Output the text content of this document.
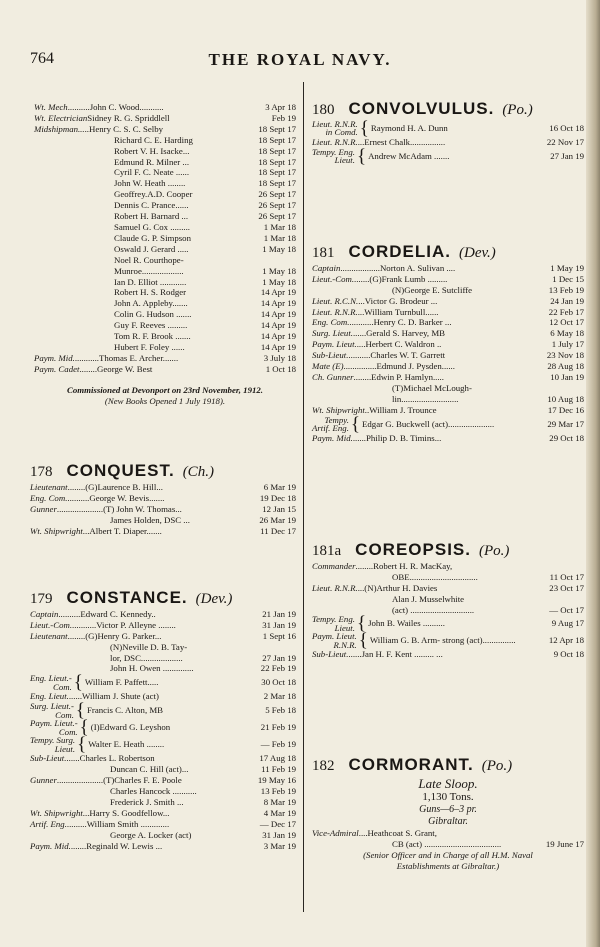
764	THE ROYAL NAVY.
Wt. Mech ..........John C. Wood...........	3 Apr 18
Wt. Electrician Sidney R. G. Spriddlell	Feb 19
Midshipman... ..Henry C. S. C. Selby	18 Sept 17
Richard C. E. Harding	18 Sept 17
Robert V. H. Isacke...	18 Sept 17
Edmund R. Milner ...	18 Sept 17
Cyril F. C. Neate ......	18 Sept 17
John W. Heath ........	18 Sept 17
Geoffrey.A.D. Cooper	26 Sept 17
Dennis C. Prance......	26 Sept 17
Robert H. Barnard ...	26 Sept 17
Samuel G. Cox .........	1 Mar 18
Claude G. P. Simpson	1 Mar 18
Oswald J. Gerard .....	1 May 18
Noel R. Courthope-
Munroe...................	1 May 18
Ian D. Elliot ............	1 May 18
Robert H. S. Rodger	14 Apr 19
John A. Appleby.......	14 Apr 19
Colin G. Hudson .......	14 Apr 19
Guy F. Reeves .........	14 Apr 19
Tom R. F. Brook .......	14 Apr 19
Hubert F. Foley ......	14 Apr 19
Paym. Mid. ...........Thomas E. Archer.......	3 July 18
Paym. Cadet ........George W. Best	1 Oct 18
Commissioned at Devonport on 23rd November, 1912.
(New Books Opened 1 July 1918).
178 CONQUEST. (Ch.)
Lieutenant ........(G)Laurence B. Hill...	6 Mar 19
Eng. Com. ..........George W. Bevis.......	19 Dec 18
Gunner .....................(T) John W. Thomas...	12 Jan 15
James Holden, DSC ...	26 Mar 19
Wt. Shipwright ...Albert T. Diaper.......	11 Dec 17
179 CONSTANCE. (Dev.)
Captain ..........Edward C. Kennedy..	21 Jan 19
Lieut.-Com. ...........Victor P. Alleyne ........	31 Jan 19
Lieutenant ........(G)Henry G. Parker...	1 Sept 16
(N)Neville D. B. Tay-
lor, DSC...................	27 Jan 19
John H. Owen ..............	22 Feb 19
Eng. Lieut.-
Com. { William F. Paffett.....	30 Oct 18
Eng. Lieut. ......William J. Shute (act)	2 Mar 18
Surg. Lieut.-
Com. { Francis C. Alton, MB	5 Feb 18
Paym. Lieut.-
Com. { (I)Edward G. Leyshon	21 Feb 19
Tempy. Surg.
Lieut. { Walter E. Heath ........	— Feb 19
Sub-Lieut. ......Charles L. Robertson	17 Aug 18
Duncan C. Hill (act)...	11 Feb 19
Gunner .....................(T)Charles F. E. Poole	19 May 16
Charles Hancock ...........	13 Feb 19
Frederick J. Smith ...	8 Mar 19
Wt. Shipwright ...Harry S. Goodfellow...	4 Mar 19
Artif. Eng. .........William Smith .............	— Dec 17
George A. Locker (act)	31 Jan 19
Paym. Mid. .......Reginald W. Lewis ...	3 Mar 19
180 CONVOLVULUS. (Po.)
Lieut. R.N.R.
in Comd. { Raymond H. A. Dunn	16 Oct 18
Lieut. R.N.R. ...Ernest Chalk................	22 Nov 17
Tempy. Eng.
Lieut. { Andrew McAdam .......	27 Jan 19
181 CORDELIA. (Dev.)
Captain ..................Norton A. Sulivan ....	1 May 19
Lieut.-Com. .......(G)Frank Lumb .........	1 Dec 15
(N)George E. Sutcliffe	13 Feb 19
Lieut. R.C.N. ...Victor G. Brodeur ...	24 Jan 19
Lieut. R.N.R. ...William Turnbull......	22 Feb 17
Eng. Com. ...........Henry C. D. Barker ...	12 Oct 17
Surg. Lieut. ......Gerald S. Harvey, MB	6 May 18
Paym. Lieut. ....Herbert C. Waldron ..	1 July 17
Sub-Lieut. ..........Charles W. T. Garrett	23 Nov 18
Mate (E) ...............Edmund J. Pysden......	28 Aug 18
Ch. Gunner ........Edwin P. Hamlyn.....	10 Jan 19
(T)Michael McLough-
lin..........................	10 Aug 18
Wt. Shipwright ..William J. Trounce	17 Dec 16
Tempy.
Artif. Eng. { Edgar G. Buckwell (act).....................	29 Mar 17
Paym. Mid. ......Philip D. B. Timins...	29 Oct 18
181a COREOPSIS. (Po.)
Commander ........Robert H. R. MacKay,
OBE...............................	11 Oct 17
Lieut. R.N.R. ...(N)Arthur H. Davies	23 Oct 17
Alan J. Musselwhite
(act) .............................	— Oct 17
Tempy. Eng.
Lieut. { John B. Wailes ..........	9 Aug 17
Paym. Lieut.
R.N.R. { William G. B. Arm- strong (act)...............	12 Apr 18
Sub-Lieut. ......Jan H. F. Kent ......... ...	9 Oct 18
182 CORMORANT. (Po.)
Late Sloop.
1,130 Tons.
Guns—6–3 pr.
Gibraltar.
Vice-Admiral ....Heathcoat S. Grant,
CB (act) ...................................	19 June 17
(Senior Officer and in Charge of all H.M. Naval
Establishments at Gibraltar.)
